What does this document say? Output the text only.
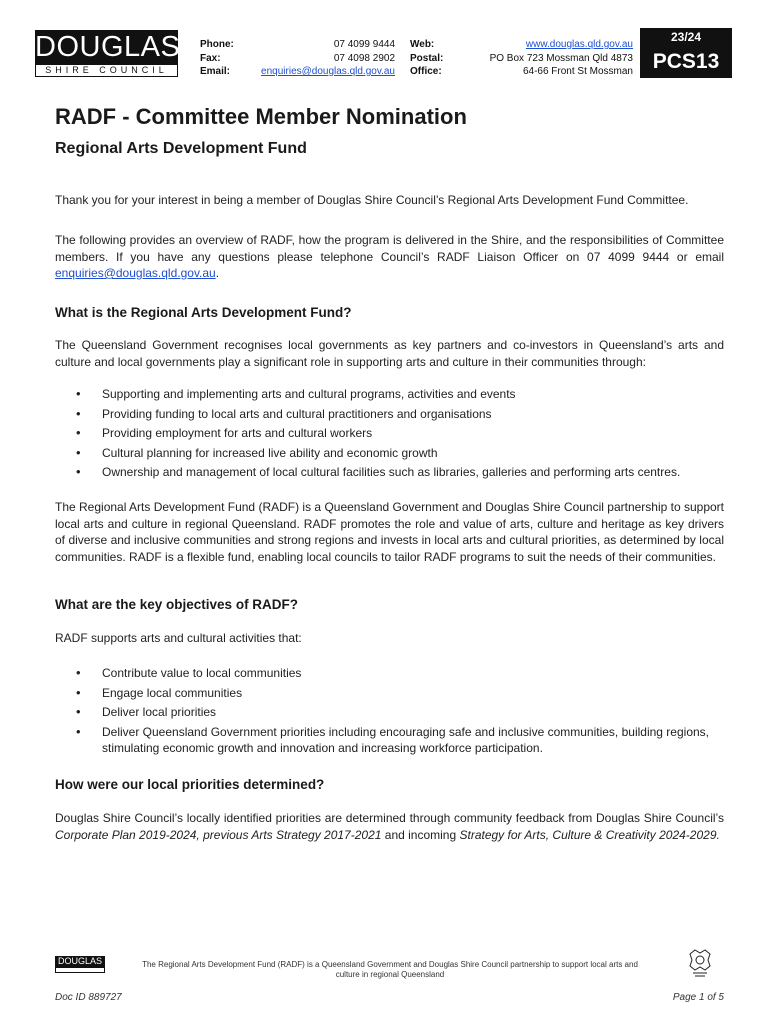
DOUGLAS
SHIRE COUNCIL
Phone:
Fax:
Email:
07 4099 9444
07 4098 2902
enquiries@douglas.qld.gov.au
Web:
Postal:
Office:
www.douglas.qld.gov.au
PO Box 723 Mossman Qld 4873
64-66 Front St Mossman
23/24
PCS13
RADF - Committee Member Nomination
Regional Arts Development Fund

Thank you for your interest in being a member of Douglas Shire Council’s Regional Arts Development Fund Committee.

The following provides an overview of RADF, how the program is delivered in the Shire, and the responsibilities of Committee members. If you have any questions please telephone Council’s RADF Liaison Officer on 07 4099 9444 or email enquiries@douglas.qld.gov.au.

What is the Regional Arts Development Fund?

The Queensland Government recognises local governments as key partners and co-investors in Queensland’s arts and culture and local governments play a significant role in supporting arts and culture in their communities through:

• Supporting and implementing arts and cultural programs, activities and events
• Providing funding to local arts and cultural practitioners and organisations
• Providing employment for arts and cultural workers
• Cultural planning for increased live ability and economic growth
• Ownership and management of local cultural facilities such as libraries, galleries and performing arts centres.

The Regional Arts Development Fund (RADF) is a Queensland Government and Douglas Shire Council partnership to support local arts and culture in regional Queensland. RADF promotes the role and value of arts, culture and heritage as key drivers of diverse and inclusive communities and strong regions and invests in local arts and cultural priorities, as determined by local communities. RADF is a flexible fund, enabling local councils to tailor RADF programs to suit the needs of their communities.

What are the key objectives of RADF?

RADF supports arts and cultural activities that:

• Contribute value to local communities
• Engage local communities
• Deliver local priorities
• Deliver Queensland Government priorities including encouraging safe and inclusive communities, building regions, stimulating economic growth and innovation and increasing workforce participation.
How were our local priorities determined?

Douglas Shire Council’s locally identified priorities are determined through community feedback from Douglas Shire Council’s Corporate Plan 2019-2024, previous Arts Strategy 2017-2021 and incoming Strategy for Arts, Culture & Creativity 2024-2029.

DOUGLAS	The Regional Arts Development Fund (RADF) is a Queensland Government and Douglas Shire Council partnership to support local arts and culture in regional Queensland
Doc ID 889727	Page 1 of 5
